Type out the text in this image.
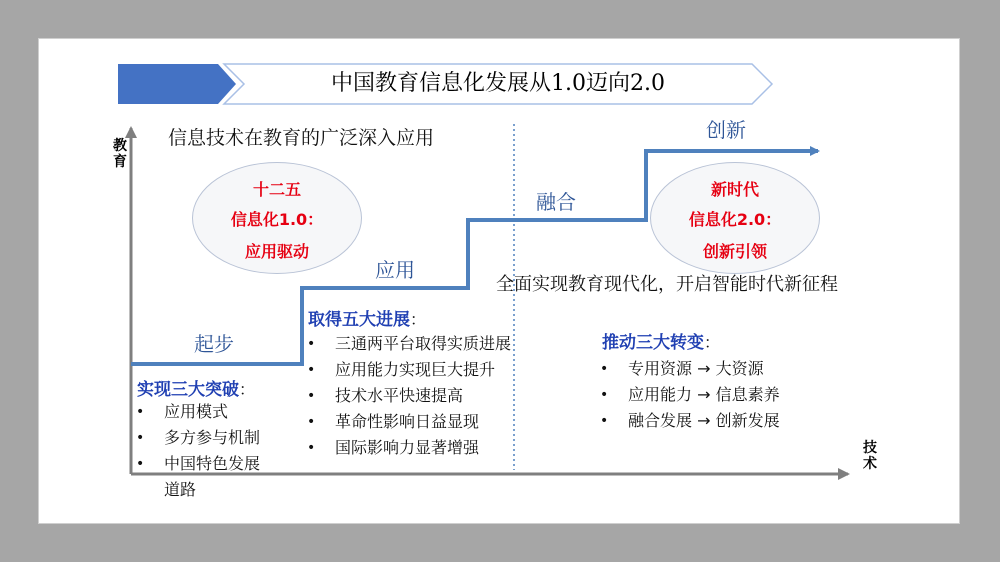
中国教育信息化发展从1.0迈向2.0
教育
技术
信息技术在教育的广泛深入应用
起步
应用
融合
创新
十二五
信息化1.0：
应用驱动
新时代
信息化2.0：
创新引领
全面实现教育现代化，开启智能时代新征程
实现三大突破：
• 应用模式
• 多方参与机制
• 中国特色发展
道路
取得五大进展：
• 三通两平台取得实质进展
• 应用能力实现巨大提升
• 技术水平快速提高
• 革命性影响日益显现
• 国际影响力显著增强
推动三大转变：
• 专用资源 → 大资源
• 应用能力 → 信息素养
• 融合发展 → 创新发展
